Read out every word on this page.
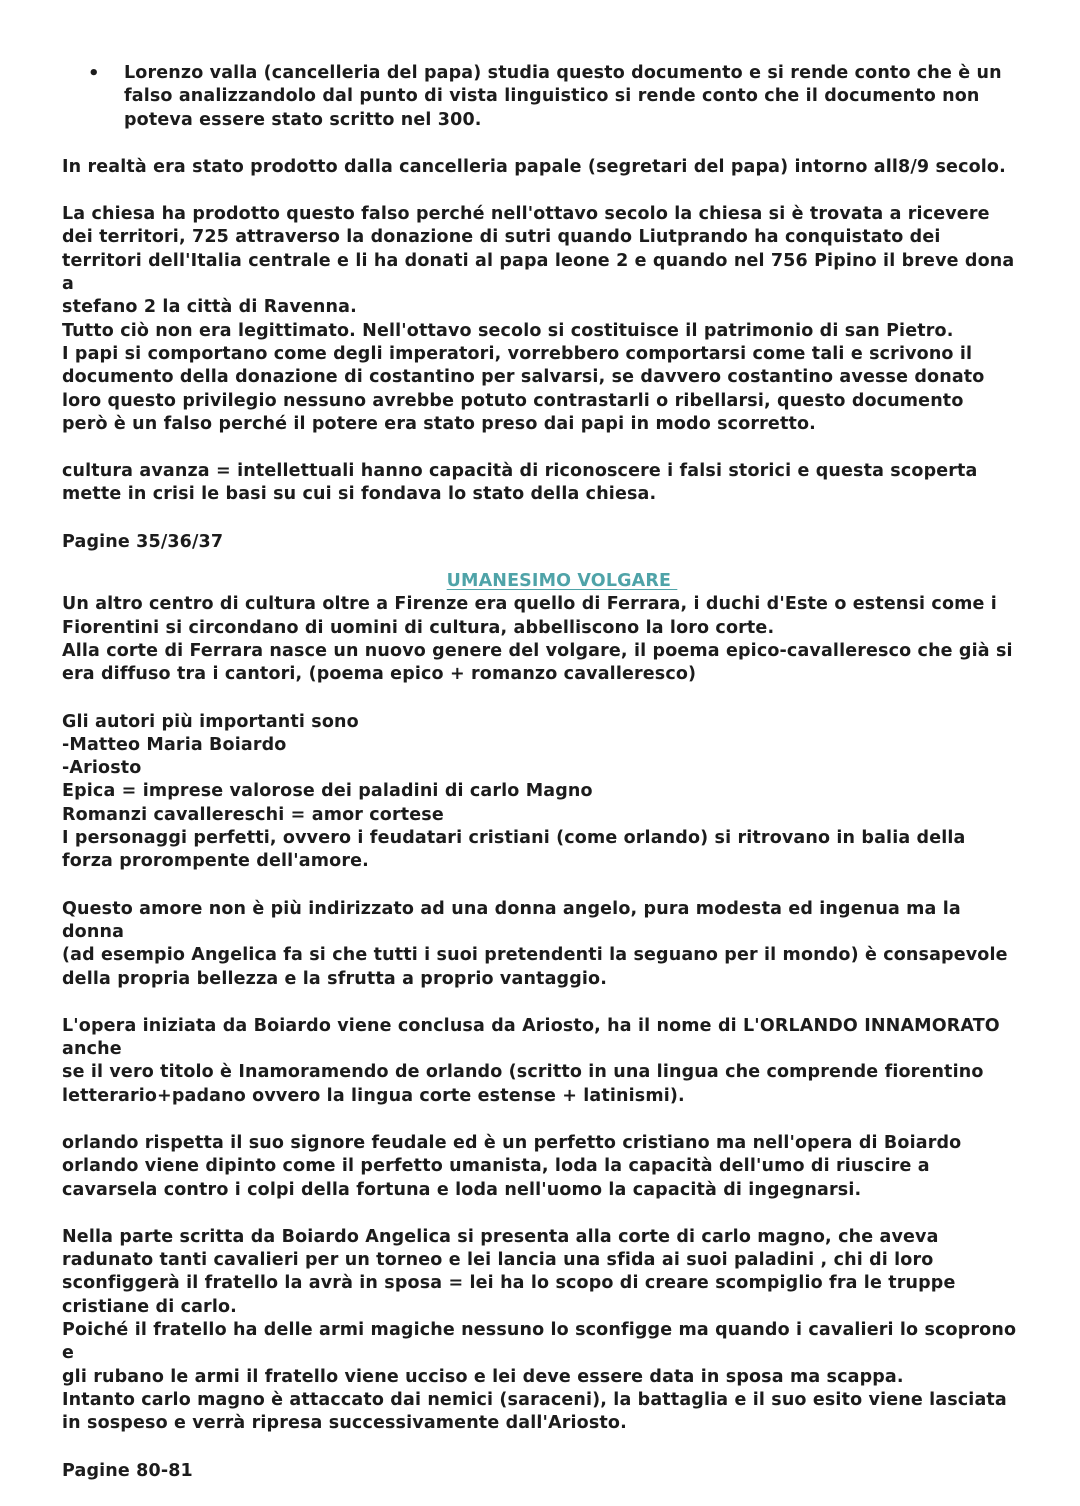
•	Lorenzo valla (cancelleria del papa) studia questo documento e si rende conto che è un
falso analizzandolo dal punto di vista linguistico si rende conto che il documento non
poteva essere stato scritto nel 300.

In realtà era stato prodotto dalla cancelleria papale (segretari del papa) intorno all8/9 secolo.

La chiesa ha prodotto questo falso perché nell'ottavo secolo la chiesa si è trovata a ricevere
dei territori, 725 attraverso la donazione di sutri quando Liutprando ha conquistato dei
territori dell'Italia centrale e li ha donati al papa leone 2 e quando nel 756 Pipino il breve dona a
stefano 2 la città di Ravenna.
Tutto ciò non era legittimato. Nell'ottavo secolo si costituisce il patrimonio di san Pietro.
I papi si comportano come degli imperatori, vorrebbero comportarsi come tali e scrivono il
documento della donazione di costantino per salvarsi, se davvero costantino avesse donato
loro questo privilegio nessuno avrebbe potuto contrastarli o ribellarsi, questo documento
però è un falso perché il potere era stato preso dai papi in modo scorretto.

cultura avanza = intellettuali hanno capacità di riconoscere i falsi storici e questa scoperta
mette in crisi le basi su cui si fondava lo stato della chiesa.

Pagine 35/36/37

UMANESIMO VOLGARE

Un altro centro di cultura oltre a Firenze era quello di Ferrara, i duchi d'Este o estensi come i
Fiorentini si circondano di uomini di cultura, abbelliscono la loro corte.
Alla corte di Ferrara nasce un nuovo genere del volgare, il poema epico-cavalleresco che già si
era diffuso tra i cantori, (poema epico + romanzo cavalleresco)

Gli autori più importanti sono
-Matteo Maria Boiardo
-Ariosto
Epica = imprese valorose dei paladini di carlo Magno
Romanzi cavallereschi = amor cortese
I personaggi perfetti, ovvero i feudatari cristiani (come orlando) si ritrovano in balia della
forza prorompente dell'amore.

Questo amore non è più indirizzato ad una donna angelo, pura modesta ed ingenua ma la donna
(ad esempio Angelica fa si che tutti i suoi pretendenti la seguano per il mondo) è consapevole
della propria bellezza e la sfrutta a proprio vantaggio.

L'opera iniziata da Boiardo viene conclusa da Ariosto, ha il nome di L'ORLANDO INNAMORATO anche
se il vero titolo è Inamoramendo de orlando (scritto in una lingua che comprende fiorentino
letterario+padano ovvero la lingua corte estense + latinismi).

orlando rispetta il suo signore feudale ed è un perfetto cristiano ma nell'opera di Boiardo
orlando viene dipinto come il perfetto umanista, loda la capacità dell'umo di riuscire a
cavarsela contro i colpi della fortuna e loda nell'uomo la capacità di ingegnarsi.

Nella parte scritta da Boiardo Angelica si presenta alla corte di carlo magno, che aveva
radunato tanti cavalieri per un torneo e lei lancia una sfida ai suoi paladini , chi di loro
sconfiggerà il fratello la avrà in sposa = lei ha lo scopo di creare scompiglio fra le truppe
cristiane di carlo.
Poiché il fratello ha delle armi magiche nessuno lo sconfigge ma quando i cavalieri lo scoprono e
gli rubano le armi il fratello viene ucciso e lei deve essere data in sposa ma scappa.
Intanto carlo magno è attaccato dai nemici (saraceni), la battaglia e il suo esito viene lasciata
in sospeso e verrà ripresa successivamente dall'Ariosto.

Pagine 80-81
